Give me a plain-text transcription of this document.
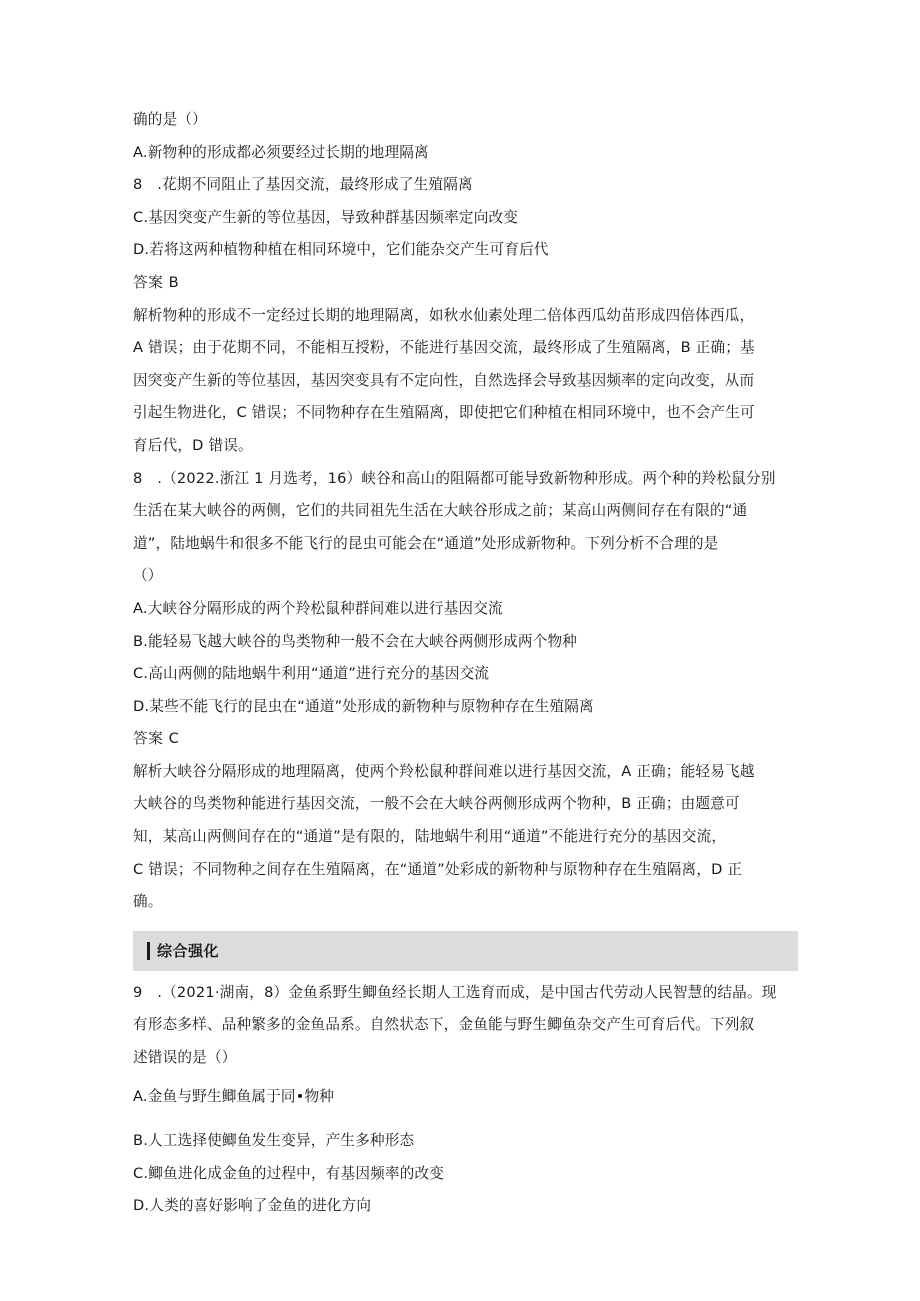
确的是（）
A.新物种的形成都必须要经过长期的地理隔离
8　.花期不同阻止了基因交流，最终形成了生殖隔离
C.基因突变产生新的等位基因，导致种群基因频率定向改变
D.若将这两种植物种植在相同环境中，它们能杂交产生可育后代
答案 B
解析物种的形成不一定经过长期的地理隔离，如秋水仙素处理二倍体西瓜幼苗形成四倍体西瓜，
A 错误；由于花期不同，不能相互授粉，不能进行基因交流，最终形成了生殖隔离，B 正确；基
因突变产生新的等位基因，基因突变具有不定向性，自然选择会导致基因频率的定向改变，从而
引起生物进化，C 错误；不同物种存在生殖隔离，即使把它们种植在相同环境中，也不会产生可
育后代，D 错误。
8　.（2022.浙江 1 月选考，16）峡谷和高山的阻隔都可能导致新物种形成。两个种的羚松鼠分别
生活在某大峡谷的两侧，它们的共同祖先生活在大峡谷形成之前；某高山两侧间存在有限的“通
道”，陆地蜗牛和很多不能飞行的昆虫可能会在“通道”处形成新物种。下列分析不合理的是
（）
A.大峡谷分隔形成的两个羚松鼠种群间难以进行基因交流
B.能轻易飞越大峡谷的鸟类物种一般不会在大峡谷两侧形成两个物种
C.高山两侧的陆地蜗牛利用“通道”进行充分的基因交流
D.某些不能飞行的昆虫在“通道”处形成的新物种与原物种存在生殖隔离
答案 C
解析大峡谷分隔形成的地理隔离，使两个羚松鼠种群间难以进行基因交流，A 正确；能轻易飞越
大峡谷的鸟类物种能进行基因交流，一般不会在大峡谷两侧形成两个物种，B 正确；由题意可
知，某高山两侧间存在的“通道”是有限的，陆地蜗牛利用“通道”不能进行充分的基因交流，
C 错误；不同物种之间存在生殖隔离，在“通道”处彩成的新物种与原物种存在生殖隔离，D 正
确。
综合强化
9　.（2021·湖南，8）金鱼系野生鲫鱼经长期人工选育而成，是中国古代劳动人民智慧的结晶。现
有形态多样、品种繁多的金鱼品系。自然状态下，金鱼能与野生鲫鱼杂交产生可育后代。下列叙
述错误的是（）
A.金鱼与野生鲫鱼属于同•物种
B.人工选择使鲫鱼发生变异，产生多种形态
C.鲫鱼进化成金鱼的过程中，有基因频率的改变
D.人类的喜好影响了金鱼的进化方向
